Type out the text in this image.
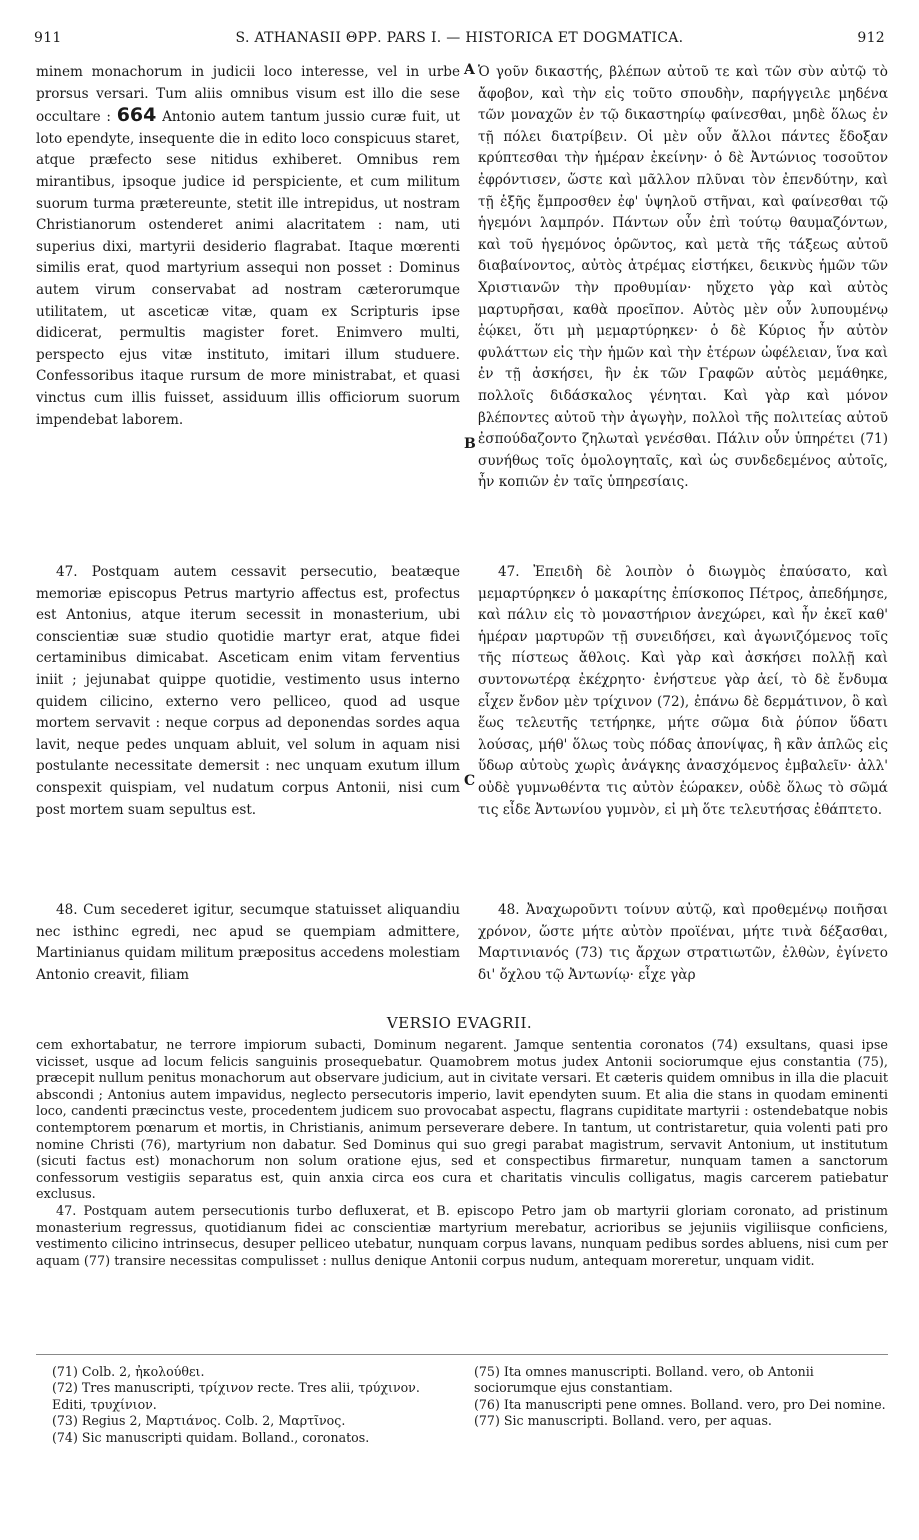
911	S. ATHANASII ΘΡΡ. PARS I. — HISTORICA ET DOGMATICA.	912
A
B
C

minem monachorum in judicii loco interesse, vel in urbe prorsus versari. Tum aliis omnibus visum est illo die sese occultare : 664 Antonio autem tantum jussio curæ fuit, ut loto ependyte, insequente die in edito loco conspicuus staret, atque præfecto sese nitidus exhiberet. Omnibus rem mirantibus, ipsoque judice id perspiciente, et cum militum suorum turma prætereunte, stetit ille intrepidus, ut nostram Christianorum ostenderet animi alacritatem : nam, uti superius dixi, martyrii desiderio flagrabat. Itaque mœrenti similis erat, quod martyrium assequi non posset : Dominus autem virum conservabat ad nostram cæterorumque utilitatem, ut asceticæ vitæ, quam ex Scripturis ipse didicerat, permultis magister foret. Enimvero multi, perspecto ejus vitæ instituto, imitari illum studuere. Confessoribus itaque rursum de more ministrabat, et quasi vinctus cum illis fuisset, assiduum illis officiorum suorum impendebat laborem.

47. Postquam autem cessavit persecutio, beatæque memoriæ episcopus Petrus martyrio affectus est, profectus est Antonius, atque iterum secessit in monasterium, ubi conscientiæ suæ studio quotidie martyr erat, atque fidei certaminibus dimicabat. Asceticam enim vitam ferventius iniit ; jejunabat quippe quotidie, vestimento usus interno quidem cilicino, externo vero pelliceo, quod ad usque mortem servavit : neque corpus ad deponendas sordes aqua lavit, neque pedes unquam abluit, vel solum in aquam nisi postulante necessitate demersit : nec unquam exutum illum conspexit quispiam, vel nudatum corpus Antonii, nisi cum post mortem suam sepultus est.

48. Cum secederet igitur, secumque statuisset aliquandiu nec isthinc egredi, nec apud se quempiam admittere, Martinianus quidam militum præpositus accedens molestiam Antonio creavit, filiam

Ὁ γοῦν δικαστής, βλέπων αὐτοῦ τε καὶ τῶν σὺν αὐτῷ τὸ ἄφοβον, καὶ τὴν εἰς τοῦτο σπουδὴν, παρήγγειλε μηδένα τῶν μοναχῶν ἐν τῷ δικαστηρίῳ φαίνεσθαι, μηδὲ ὅλως ἐν τῇ πόλει διατρίβειν. Οἱ μὲν οὖν ἄλλοι πάντες ἔδοξαν κρύπτεσθαι τὴν ἡμέραν ἐκείνην· ὁ δὲ Ἀντώνιος τοσοῦτον ἐφρόντισεν, ὥστε καὶ μᾶλλον πλῦναι τὸν ἐπενδύτην, καὶ τῇ ἑξῆς ἔμπροσθεν ἐφ' ὑψηλοῦ στῆναι, καὶ φαίνεσθαι τῷ ἡγεμόνι λαμπρόν. Πάντων οὖν ἐπὶ τούτῳ θαυμαζόντων, καὶ τοῦ ἡγεμόνος ὁρῶντος, καὶ μετὰ τῆς τάξεως αὐτοῦ διαβαίνοντος, αὐτὸς ἀτρέμας εἱστήκει, δεικνὺς ἡμῶν τῶν Χριστιανῶν τὴν προθυμίαν· ηὔχετο γὰρ καὶ αὐτὸς μαρτυρῆσαι, καθὰ προεῖπον. Αὐτὸς μὲν οὖν λυπουμένῳ ἐῴκει, ὅτι μὴ μεμαρτύρηκεν· ὁ δὲ Κύριος ἦν αὐτὸν φυλάττων εἰς τὴν ἡμῶν καὶ τὴν ἑτέρων ὠφέλειαν, ἵνα καὶ ἐν τῇ ἀσκήσει, ἣν ἐκ τῶν Γραφῶν αὐτὸς μεμάθηκε, πολλοῖς διδάσκαλος γένηται. Καὶ γὰρ καὶ μόνον βλέποντες αὐτοῦ τὴν ἀγωγὴν, πολλοὶ τῆς πολιτείας αὐτοῦ ἐσπούδαζοντο ζηλωταὶ γενέσθαι. Πάλιν οὖν ὑπηρέτει (71) συνήθως τοῖς ὁμολογηταῖς, καὶ ὡς συνδεδεμένος αὐτοῖς, ἦν κοπιῶν ἐν ταῖς ὑπηρεσίαις.

47. Ἐπειδὴ δὲ λοιπὸν ὁ διωγμὸς ἐπαύσατο, καὶ μεμαρτύρηκεν ὁ μακαρίτης ἐπίσκοπος Πέτρος, ἀπεδήμησε, καὶ πάλιν εἰς τὸ μοναστήριον ἀνεχώρει, καὶ ἦν ἐκεῖ καθ' ἡμέραν μαρτυρῶν τῇ συνειδήσει, καὶ ἀγωνιζόμενος τοῖς τῆς πίστεως ἄθλοις. Καὶ γὰρ καὶ ἀσκήσει πολλῇ καὶ συντονωτέρᾳ ἐκέχρητο· ἐνήστευε γὰρ ἀεί, τὸ δὲ ἔνδυμα εἶχεν ἔνδον μὲν τρίχινον (72), ἐπάνω δὲ δερμάτινον, ὃ καὶ ἕως τελευτῆς τετήρηκε, μήτε σῶμα διὰ ῥύπον ὕδατι λούσας, μήθ' ὅλως τοὺς πόδας ἀπονίψας, ἢ κἂν ἁπλῶς εἰς ὕδωρ αὐτοὺς χωρὶς ἀνάγκης ἀνασχόμενος ἐμβαλεῖν· ἀλλ' οὐδὲ γυμνωθέντα τις αὐτὸν ἑώρακεν, οὐδὲ ὅλως τὸ σῶμά τις εἶδε Ἀντωνίου γυμνὸν, εἰ μὴ ὅτε τελευτήσας ἐθάπτετο.

48. Ἀναχωροῦντι τοίνυν αὐτῷ, καὶ προθεμένῳ ποιῆσαι χρόνον, ὥστε μήτε αὐτὸν προϊέναι, μήτε τινὰ δέξασθαι, Μαρτινιανός (73) τις ἄρχων στρατιωτῶν, ἐλθὼν, ἐγίνετο δι' ὄχλου τῷ Ἀντωνίῳ· εἶχε γὰρ

VERSIO EVAGRII.

cem exhortabatur, ne terrore impiorum subacti, Dominum negarent. Jamque sententia coronatos (74) exsultans, quasi ipse vicisset, usque ad locum felicis sanguinis prosequebatur. Quamobrem motus judex Antonii sociorumque ejus constantia (75), præcepit nullum penitus monachorum aut observare judicium, aut in civitate versari. Et cæteris quidem omnibus in illa die placuit abscondi ; Antonius autem impavidus, neglecto persecutoris imperio, lavit ependyten suum. Et alia die stans in quodam eminenti loco, candenti præcinctus veste, procedentem judicem suo provocabat aspectu, flagrans cupiditate martyrii : ostendebatque nobis contemptorem pœnarum et mortis, in Christianis, animum perseverare debere. In tantum, ut contristaretur, quia volenti pati pro nomine Christi (76), martyrium non dabatur. Sed Dominus qui suo gregi parabat magistrum, servavit Antonium, ut institutum (sicuti factus est) monachorum non solum oratione ejus, sed et conspectibus firmaretur, nunquam tamen a sanctorum confessorum vestigiis separatus est, quin anxia circa eos cura et charitatis vinculis colligatus, magis carcerem patiebatur exclusus.

47. Postquam autem persecutionis turbo defluxerat, et B. episcopo Petro jam ob martyrii gloriam coronato, ad pristinum monasterium regressus, quotidianum fidei ac conscientiæ martyrium merebatur, acrioribus se jejuniis vigiliisque conficiens, vestimento cilicino intrinsecus, desuper pelliceo utebatur, nunquam corpus lavans, nunquam pedibus sordes abluens, nisi cum per aquam (77) transire necessitas compulisset : nullus denique Antonii corpus nudum, antequam moreretur, unquam vidit.

(71) Colb. 2, ἠκολούθει.

(72) Tres manuscripti, τρίχινον recte. Tres alii, τρύχινον. Editi, τρυχίνιον.

(73) Regius 2, Μαρτιάνος. Colb. 2, Μαρτῖνος.

(74) Sic manuscripti quidam. Bolland., coronatos.

(75) Ita omnes manuscripti. Bolland. vero, ob Antonii sociorumque ejus constantiam.

(76) Ita manuscripti pene omnes. Bolland. vero, pro Dei nomine.

(77) Sic manuscripti. Bolland. vero, per aquas.
